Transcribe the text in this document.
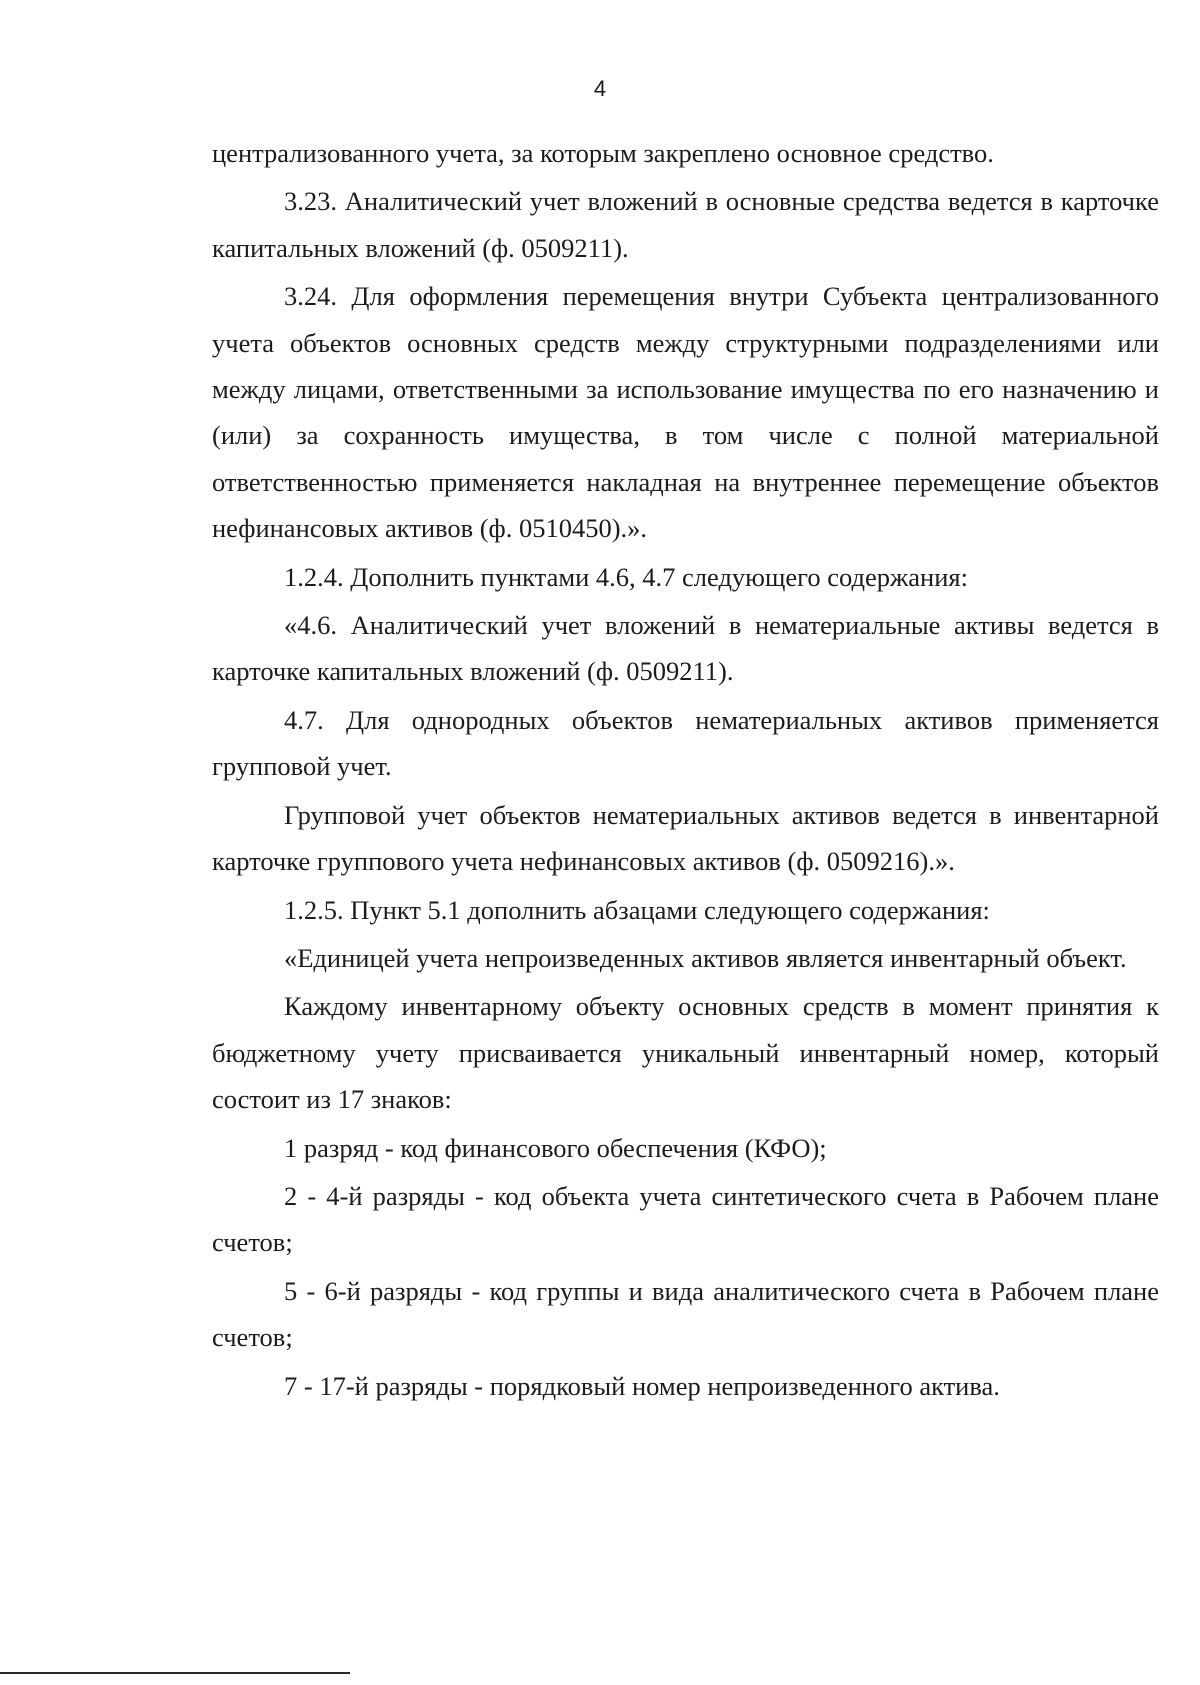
4

централизованного учета, за которым закреплено основное средство.

3.23. Аналитический учет вложений в основные средства ведется в карточке капитальных вложений (ф. 0509211).

3.24. Для оформления перемещения внутри Субъекта централизованного учета объектов основных средств между структурными подразделениями или между лицами, ответственными за использование имущества по его назначению и (или) за сохранность имущества, в том числе с полной материальной ответственностью применяется накладная на внутреннее перемещение объектов нефинансовых активов (ф. 0510450).».

1.2.4. Дополнить пунктами 4.6, 4.7 следующего содержания:

«4.6. Аналитический учет вложений в нематериальные активы ведется в карточке капитальных вложений (ф. 0509211).

4.7. Для однородных объектов нематериальных активов применяется групповой учет.

Групповой учет объектов нематериальных активов ведется в инвентарной карточке группового учета нефинансовых активов (ф. 0509216).».

1.2.5. Пункт 5.1 дополнить абзацами следующего содержания:

«Единицей учета непроизведенных активов является инвентарный объект.

Каждому инвентарному объекту основных средств в момент принятия к бюджетному учету присваивается уникальный инвентарный номер, который состоит из 17 знаков:

1 разряд - код финансового обеспечения (КФО);

2 - 4-й разряды - код объекта учета синтетического счета в Рабочем плане счетов;

5 - 6-й разряды - код группы и вида аналитического счета в Рабочем плане счетов;

7 - 17-й разряды - порядковый номер непроизведенного актива.
